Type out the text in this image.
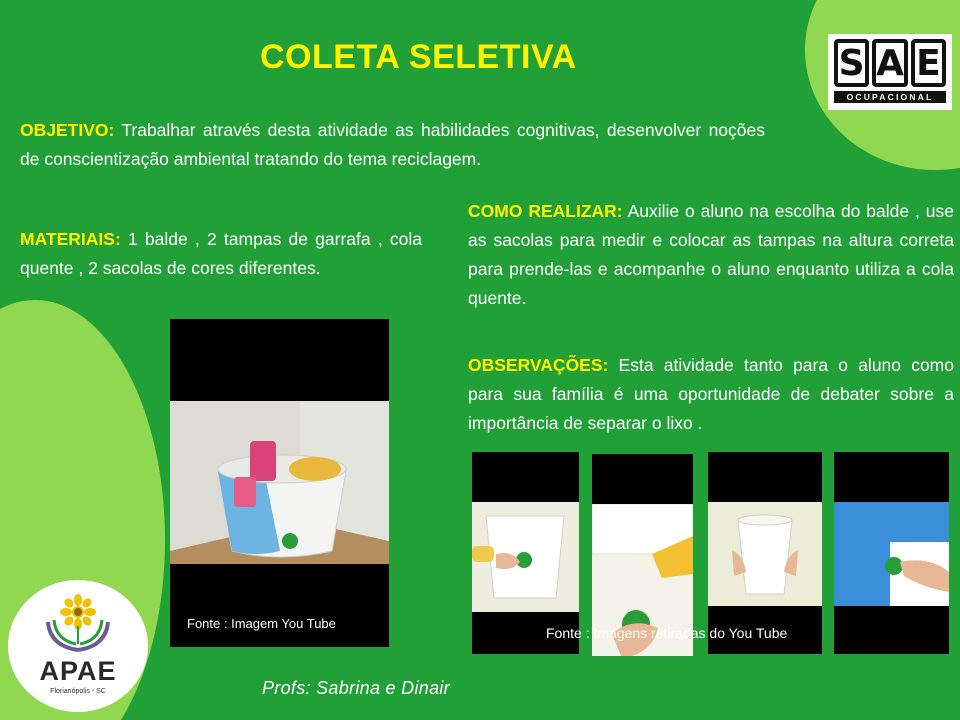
COLETA SELETIVA

OBJETIVO: Trabalhar através desta atividade as habilidades cognitivas, desenvolver noções de conscientização ambiental tratando do tema reciclagem.

MATERIAIS: 1 balde , 2 tampas de garrafa , cola quente , 2 sacolas de cores diferentes.

COMO REALIZAR: Auxilie o aluno na escolha do balde , use as sacolas para medir e colocar as tampas na altura correta para prende-las e acompanhe o aluno enquanto utiliza a cola quente.

OBSERVAÇÕES: Esta atividade tanto para o aluno como para sua família é uma oportunidade de debater sobre a importância de separar o lixo .

S A E
OCUPACIONAL
Fonte : Imagem You Tube
Fonte : Imagens retiradas do You Tube
APAE
Florianópolis - SC	Profs: Sabrina e Dinair
